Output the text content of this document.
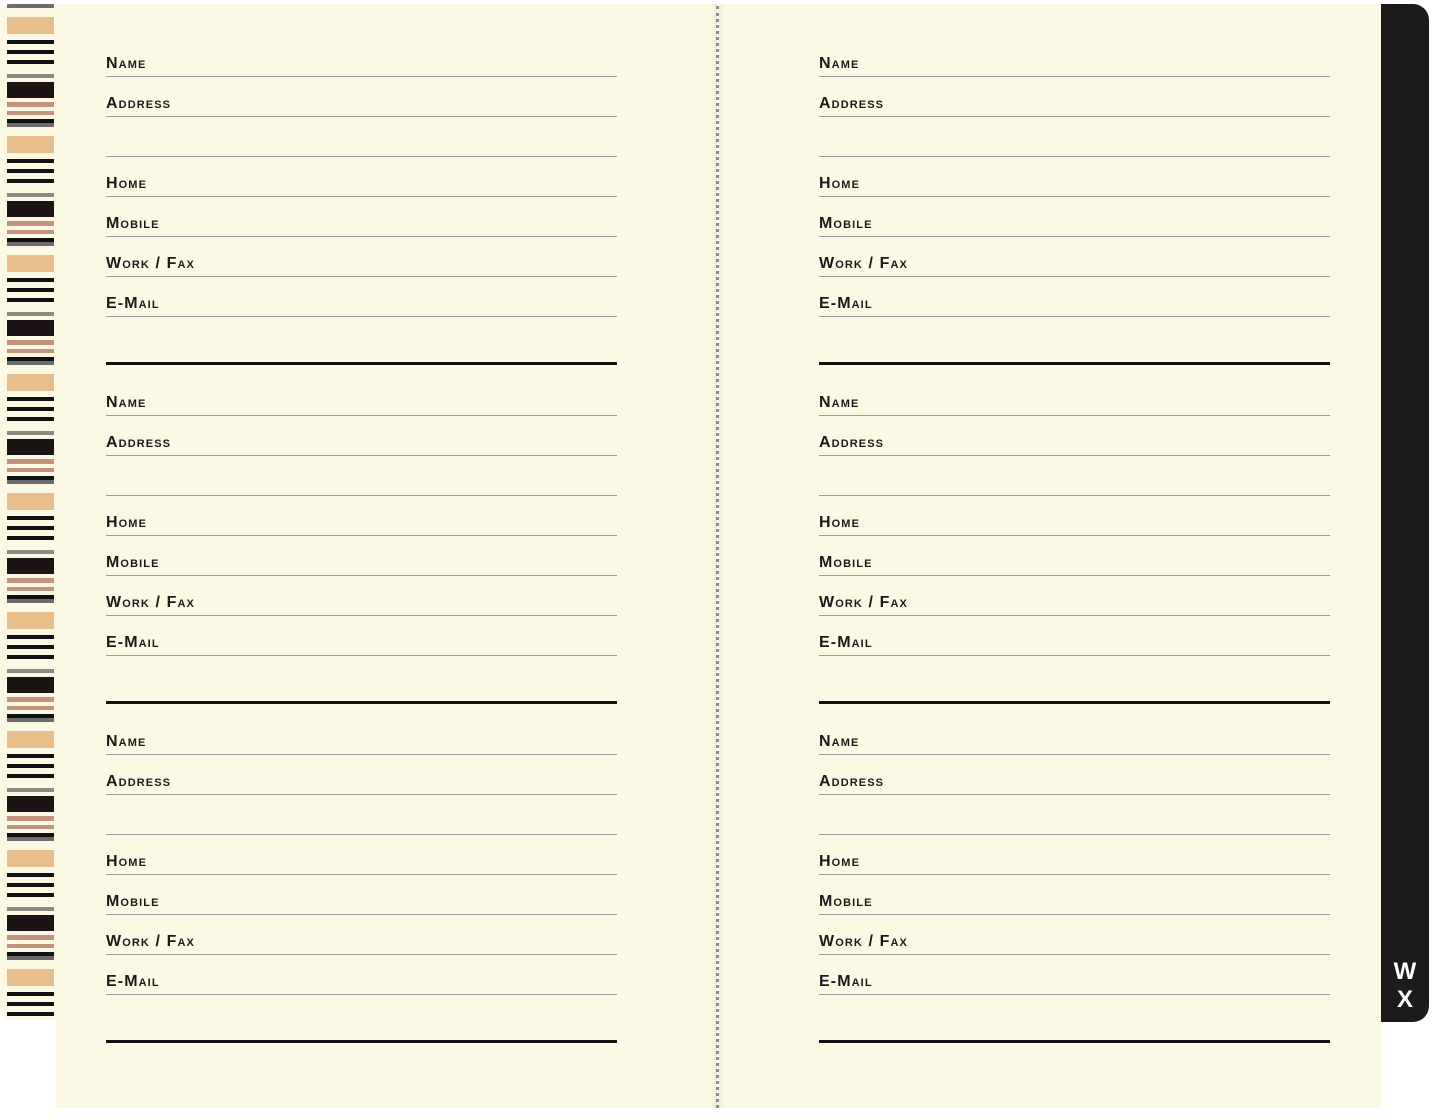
W
X
Name
Address
Home
Mobile
Work / Fax
E-Mail
Name
Address
Home
Mobile
Work / Fax
E-Mail
Name
Address
Home
Mobile
Work / Fax
E-Mail
Name
Address
Home
Mobile
Work / Fax
E-Mail
Name
Address
Home
Mobile
Work / Fax
E-Mail
Name
Address
Home
Mobile
Work / Fax
E-Mail
